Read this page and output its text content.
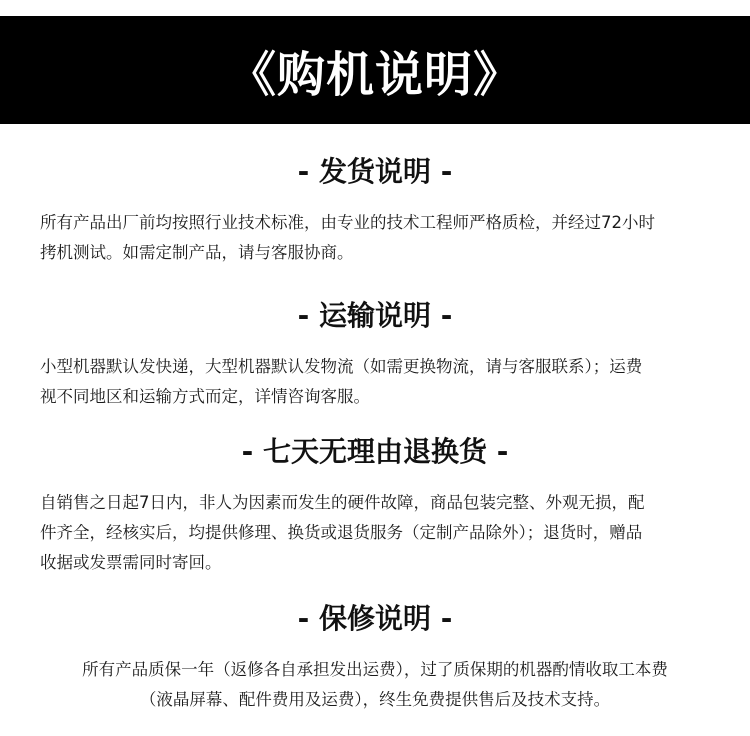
《购机说明》
- 发货说明 -
所有产品出厂前均按照行业技术标准，由专业的技术工程师严格质检，并经过72小时
拷机测试。如需定制产品，请与客服协商。
- 运输说明 -
小型机器默认发快递，大型机器默认发物流（如需更换物流，请与客服联系）；运费
视不同地区和运输方式而定，详情咨询客服。
- 七天无理由退换货 -
自销售之日起7日内，非人为因素而发生的硬件故障，商品包装完整、外观无损，配
件齐全，经核实后，均提供修理、换货或退货服务（定制产品除外）；退货时，赠品
收据或发票需同时寄回。
- 保修说明 -
所有产品质保一年（返修各自承担发出运费），过了质保期的机器酌情收取工本费
（液晶屏幕、配件费用及运费），终生免费提供售后及技术支持。
